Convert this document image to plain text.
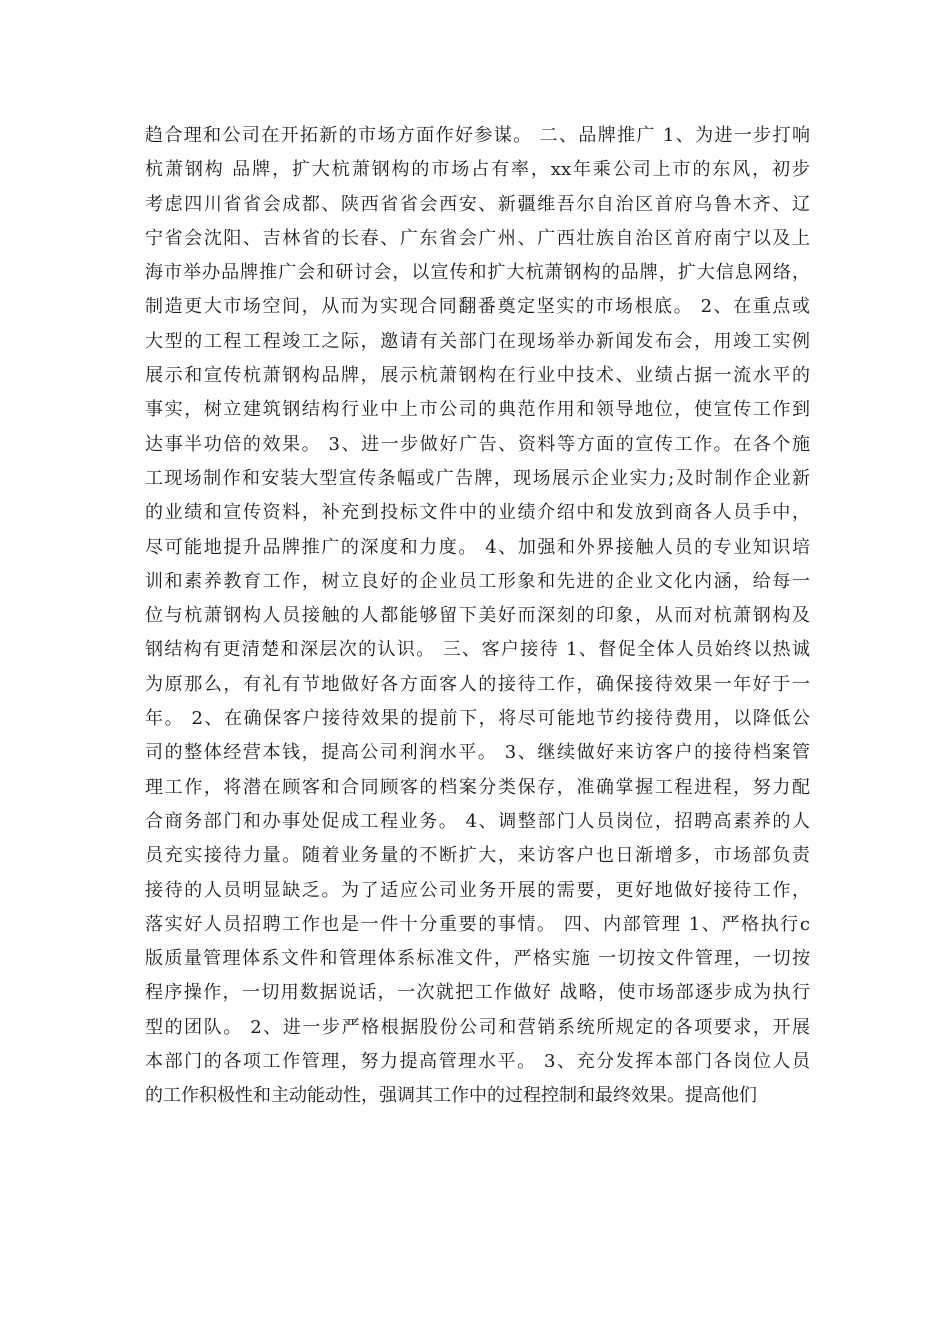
趋合理和公司在开拓新的市场方面作好参谋。 二、品牌推广 1、为进一步打响
杭萧钢构 品牌，扩大杭萧钢构的市场占有率，xx年乘公司上市的东风，初步
考虑四川省省会成都、陕西省省会西安、新疆维吾尔自治区首府乌鲁木齐、辽
宁省会沈阳、吉林省的长春、广东省会广州、广西壮族自治区首府南宁以及上
海市举办品牌推广会和研讨会，以宣传和扩大杭萧钢构的品牌，扩大信息网络，
制造更大市场空间，从而为实现合同翻番奠定坚实的市场根底。 2、在重点或
大型的工程工程竣工之际，邀请有关部门在现场举办新闻发布会，用竣工实例
展示和宣传杭萧钢构品牌，展示杭萧钢构在行业中技术、业绩占据一流水平的
事实，树立建筑钢结构行业中上市公司的典范作用和领导地位，使宣传工作到
达事半功倍的效果。 3、进一步做好广告、资料等方面的宣传工作。在各个施
工现场制作和安装大型宣传条幅或广告牌，现场展示企业实力;及时制作企业新
的业绩和宣传资料，补充到投标文件中的业绩介绍中和发放到商各人员手中，
尽可能地提升品牌推广的深度和力度。 4、加强和外界接触人员的专业知识培
训和素养教育工作，树立良好的企业员工形象和先进的企业文化内涵，给每一
位与杭萧钢构人员接触的人都能够留下美好而深刻的印象，从而对杭萧钢构及
钢结构有更清楚和深层次的认识。 三、客户接待 1、督促全体人员始终以热诚
为原那么，有礼有节地做好各方面客人的接待工作，确保接待效果一年好于一
年。 2、在确保客户接待效果的提前下，将尽可能地节约接待费用，以降低公
司的整体经营本钱，提高公司利润水平。 3、继续做好来访客户的接待档案管
理工作，将潜在顾客和合同顾客的档案分类保存，准确掌握工程进程，努力配
合商务部门和办事处促成工程业务。 4、调整部门人员岗位，招聘高素养的人
员充实接待力量。随着业务量的不断扩大，来访客户也日渐增多，市场部负责
接待的人员明显缺乏。为了适应公司业务开展的需要，更好地做好接待工作，
落实好人员招聘工作也是一件十分重要的事情。 四、内部管理 1、严格执行c
版质量管理体系文件和管理体系标准文件，严格实施 一切按文件管理，一切按
程序操作，一切用数据说话，一次就把工作做好 战略，使市场部逐步成为执行
型的团队。 2、进一步严格根据股份公司和营销系统所规定的各项要求，开展
本部门的各项工作管理，努力提高管理水平。 3、充分发挥本部门各岗位人员
的工作积极性和主动能动性，强调其工作中的过程控制和最终效果。提高他们
